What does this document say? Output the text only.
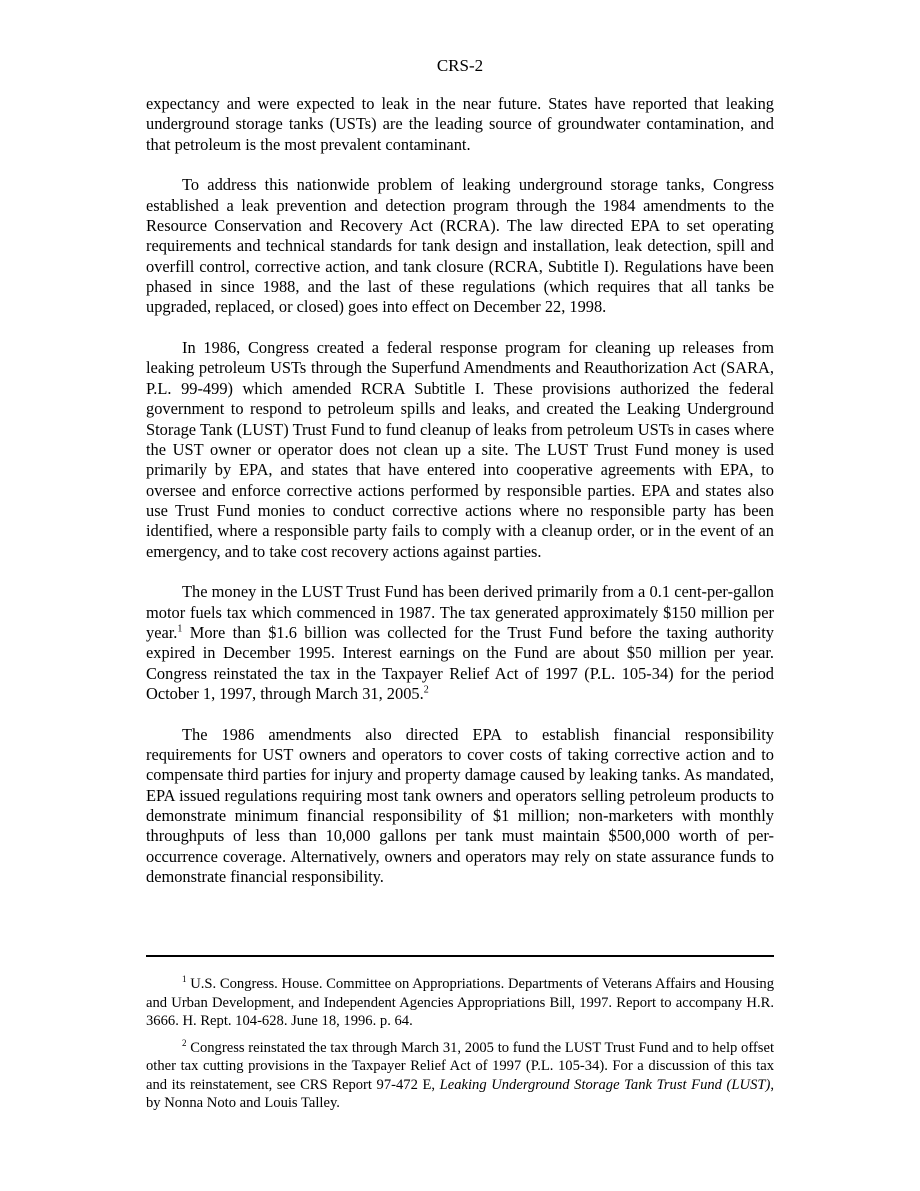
CRS-2

expectancy and were expected to leak in the near future. States have reported that leaking underground storage tanks (USTs) are the leading source of groundwater contamination, and that petroleum is the most prevalent contaminant.

To address this nationwide problem of leaking underground storage tanks, Congress established a leak prevention and detection program through the 1984 amendments to the Resource Conservation and Recovery Act (RCRA). The law directed EPA to set operating requirements and technical standards for tank design and installation, leak detection, spill and overfill control, corrective action, and tank closure (RCRA, Subtitle I). Regulations have been phased in since 1988, and the last of these regulations (which requires that all tanks be upgraded, replaced, or closed) goes into effect on December 22, 1998.

In 1986, Congress created a federal response program for cleaning up releases from leaking petroleum USTs through the Superfund Amendments and Reauthorization Act (SARA, P.L. 99-499) which amended RCRA Subtitle I. These provisions authorized the federal government to respond to petroleum spills and leaks, and created the Leaking Underground Storage Tank (LUST) Trust Fund to fund cleanup of leaks from petroleum USTs in cases where the UST owner or operator does not clean up a site. The LUST Trust Fund money is used primarily by EPA, and states that have entered into cooperative agreements with EPA, to oversee and enforce corrective actions performed by responsible parties. EPA and states also use Trust Fund monies to conduct corrective actions where no responsible party has been identified, where a responsible party fails to comply with a cleanup order, or in the event of an emergency, and to take cost recovery actions against parties.

The money in the LUST Trust Fund has been derived primarily from a 0.1 cent-per-gallon motor fuels tax which commenced in 1987. The tax generated approximately $150 million per year.$^1$ More than $1.6 billion was collected for the Trust Fund before the taxing authority expired in December 1995. Interest earnings on the Fund are about $50 million per year. Congress reinstated the tax in the Taxpayer Relief Act of 1997 (P.L. 105-34) for the period October 1, 1997, through March 31, 2005.$^2$

The 1986 amendments also directed EPA to establish financial responsibility requirements for UST owners and operators to cover costs of taking corrective action and to compensate third parties for injury and property damage caused by leaking tanks. As mandated, EPA issued regulations requiring most tank owners and operators selling petroleum products to demonstrate minimum financial responsibility of $1 million; non-marketers with monthly throughputs of less than 10,000 gallons per tank must maintain $500,000 worth of per-occurrence coverage. Alternatively, owners and operators may rely on state assurance funds to demonstrate financial responsibility.

$^1$ U.S. Congress. House. Committee on Appropriations. Departments of Veterans Affairs and Housing and Urban Development, and Independent Agencies Appropriations Bill, 1997. Report to accompany H.R. 3666. H. Rept. 104-628. June 18, 1996. p. 64.

$^2$ Congress reinstated the tax through March 31, 2005 to fund the LUST Trust Fund and to help offset other tax cutting provisions in the Taxpayer Relief Act of 1997 (P.L. 105-34). For a discussion of this tax and its reinstatement, see CRS Report 97-472 E, Leaking Underground Storage Tank Trust Fund (LUST), by Nonna Noto and Louis Talley.
